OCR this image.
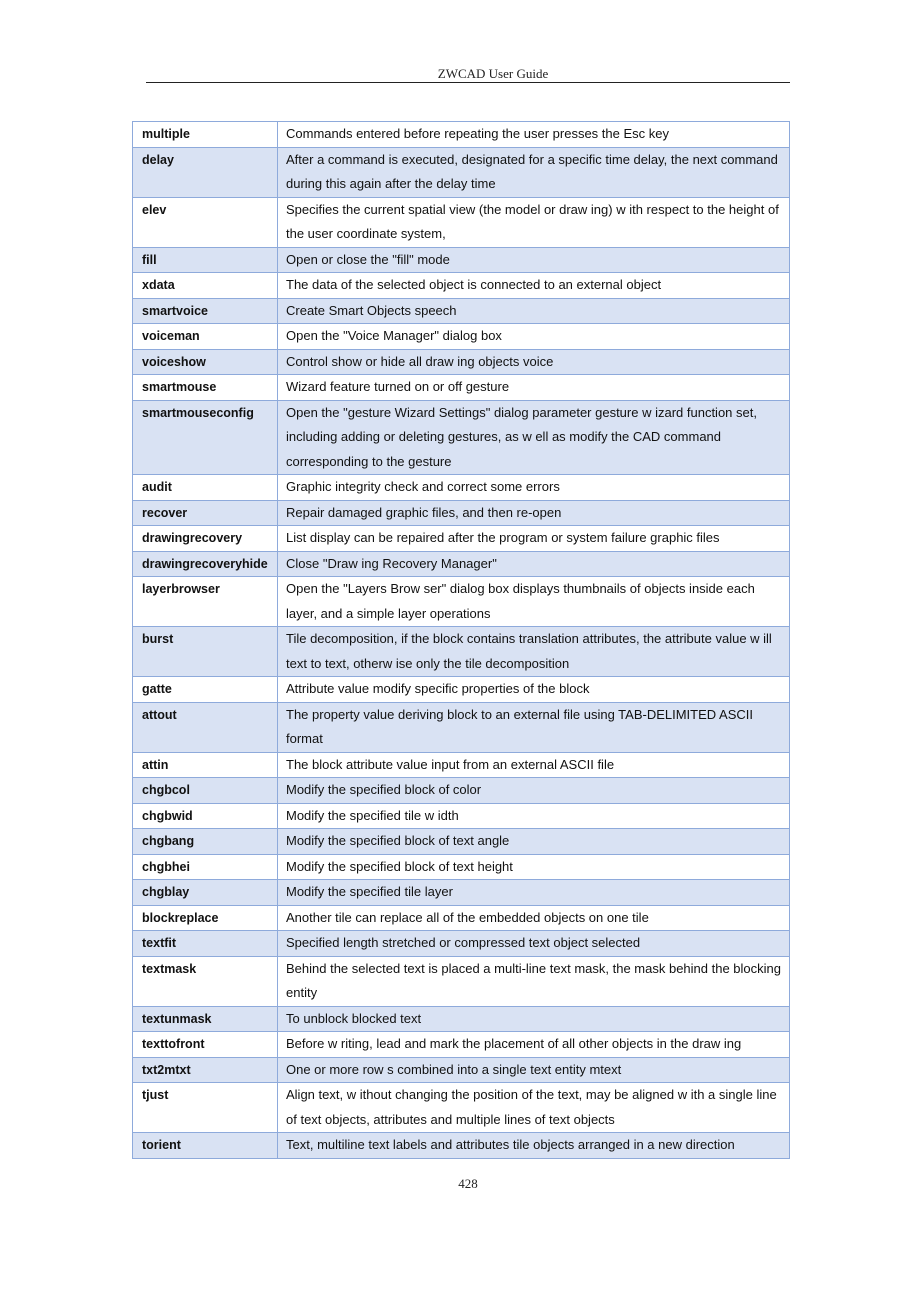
ZWCAD User Guide
multiple	Commands entered before repeating the user presses the Esc key
delay	After a command is executed, designated for a specific time delay, the next command during this again after the delay time
elev	Specifies the current spatial view (the model or draw ing) w ith respect to the height of the user coordinate system,
fill	Open or close the "fill" mode
xdata	The data of the selected object is connected to an external object
smartvoice	Create Smart Objects speech
voiceman	Open the "Voice Manager" dialog box
voiceshow	Control show or hide all draw ing objects voice
smartmouse	Wizard feature turned on or off gesture
smartmouseconfig	Open the "gesture Wizard Settings" dialog parameter gesture w izard function set, including adding or deleting gestures, as w ell as modify the CAD command corresponding to the gesture
audit	Graphic integrity check and correct some errors
recover	Repair damaged graphic files, and then re-open
drawingrecovery	List display can be repaired after the program or system failure graphic files
drawingrecoveryhide	Close "Draw ing Recovery Manager"
layerbrowser	Open the "Layers Brow ser" dialog box displays thumbnails of objects inside each layer, and a simple layer operations
burst	Tile decomposition, if the block contains translation attributes, the attribute value w ill text to text, otherw ise only the tile decomposition
gatte	Attribute value modify specific properties of the block
attout	The property value deriving block to an external file using TAB-DELIMITED ASCII format
attin	The block attribute value input from an external ASCII file
chgbcol	Modify the specified block of color
chgbwid	Modify the specified tile w idth
chgbang	Modify the specified block of text angle
chgbhei	Modify the specified block of text height
chgblay	Modify the specified tile layer
blockreplace	Another tile can replace all of the embedded objects on one tile
textfit	Specified length stretched or compressed text object selected
textmask	Behind the selected text is placed a multi-line text mask, the mask behind the blocking entity
textunmask	To unblock blocked text
texttofront	Before w riting, lead and mark the placement of all other objects in the draw ing
txt2mtxt	One or more row s combined into a single text entity mtext
tjust	Align text, w ithout changing the position of the text, may be aligned w ith a single line of text objects, attributes and multiple lines of text objects
torient	Text, multiline text labels and attributes tile objects arranged in a new direction
428
